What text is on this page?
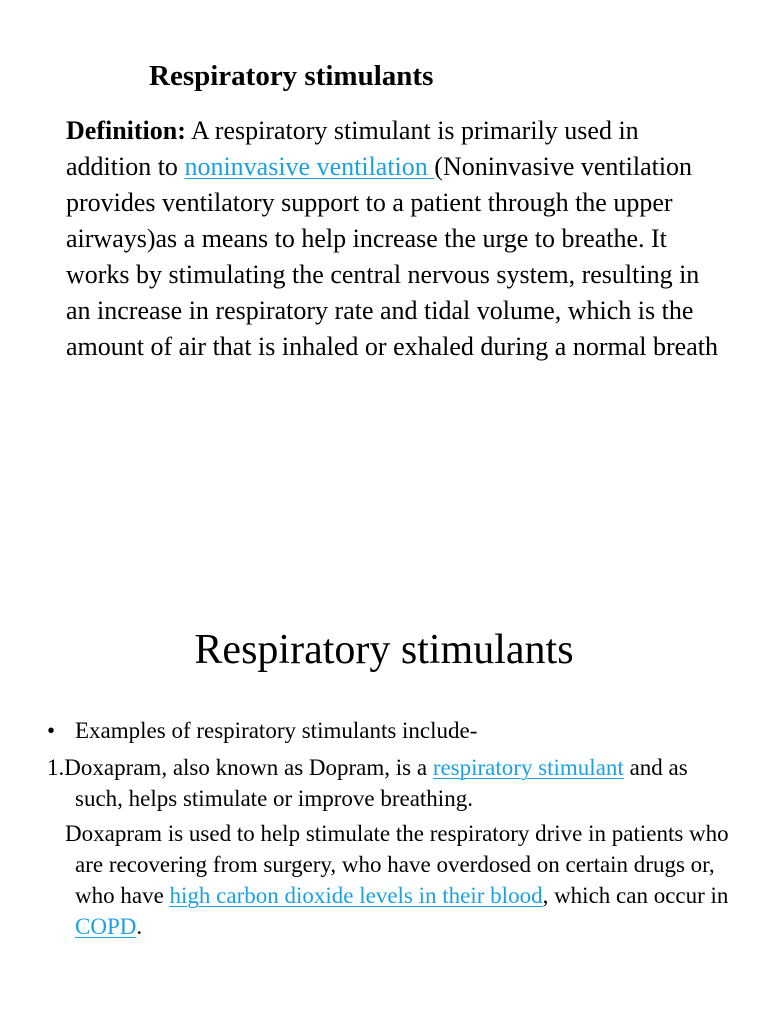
Respiratory stimulants

Definition: A respiratory stimulant is primarily used in addition to noninvasive ventilation (Noninvasive ventilation provides ventilatory support to a patient through the upper airways)as a means to help increase the urge to breathe. It works by stimulating the central nervous system, resulting in an increase in respiratory rate and tidal volume, which is the amount of air that is inhaled or exhaled during a normal breath

Respiratory stimulants

• Examples of respiratory stimulants include-

1.Doxapram, also known as Dopram, is a respiratory stimulant and as such, helps stimulate or improve breathing.

Doxapram is used to help stimulate the respiratory drive in patients who are recovering from surgery, who have overdosed on certain drugs or, who have high carbon dioxide levels in their blood, which can occur in COPD.
